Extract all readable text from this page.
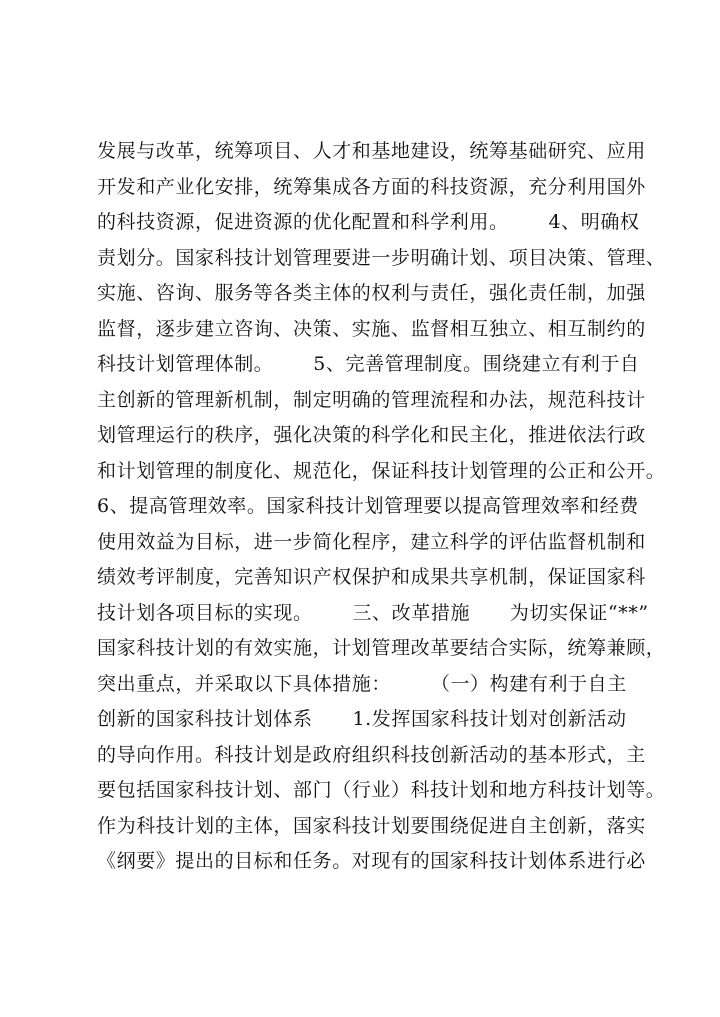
发展与改革，统筹项目、人才和基地建设，统筹基础研究、应用
开发和产业化安排，统筹集成各方面的科技资源，充分利用国外
的科技资源，促进资源的优化配置和科学利用。      4、明确权
责划分。国家科技计划管理要进一步明确计划、项目决策、管理、
实施、咨询、服务等各类主体的权利与责任，强化责任制，加强
监督，逐步建立咨询、决策、实施、监督相互独立、相互制约的
科技计划管理体制。      5、完善管理制度。围绕建立有利于自
主创新的管理新机制，制定明确的管理流程和办法，规范科技计
划管理运行的秩序，强化决策的科学化和民主化，推进依法行政
和计划管理的制度化、规范化，保证科技计划管理的公正和公开。
6、提高管理效率。国家科技计划管理要以提高管理效率和经费
使用效益为目标，进一步简化程序，建立科学的评估监督机制和
绩效考评制度，完善知识产权保护和成果共享机制，保证国家科
技计划各项目标的实现。      三、改革措施      为切实保证“**”
国家科技计划的有效实施，计划管理改革要结合实际，统筹兼顾，
突出重点，并采取以下具体措施：      （一）构建有利于自主
创新的国家科技计划体系      1.发挥国家科技计划对创新活动
的导向作用。科技计划是政府组织科技创新活动的基本形式，主
要包括国家科技计划、部门（行业）科技计划和地方科技计划等。
作为科技计划的主体，国家科技计划要围绕促进自主创新，落实
《纲要》提出的目标和任务。对现有的国家科技计划体系进行必
